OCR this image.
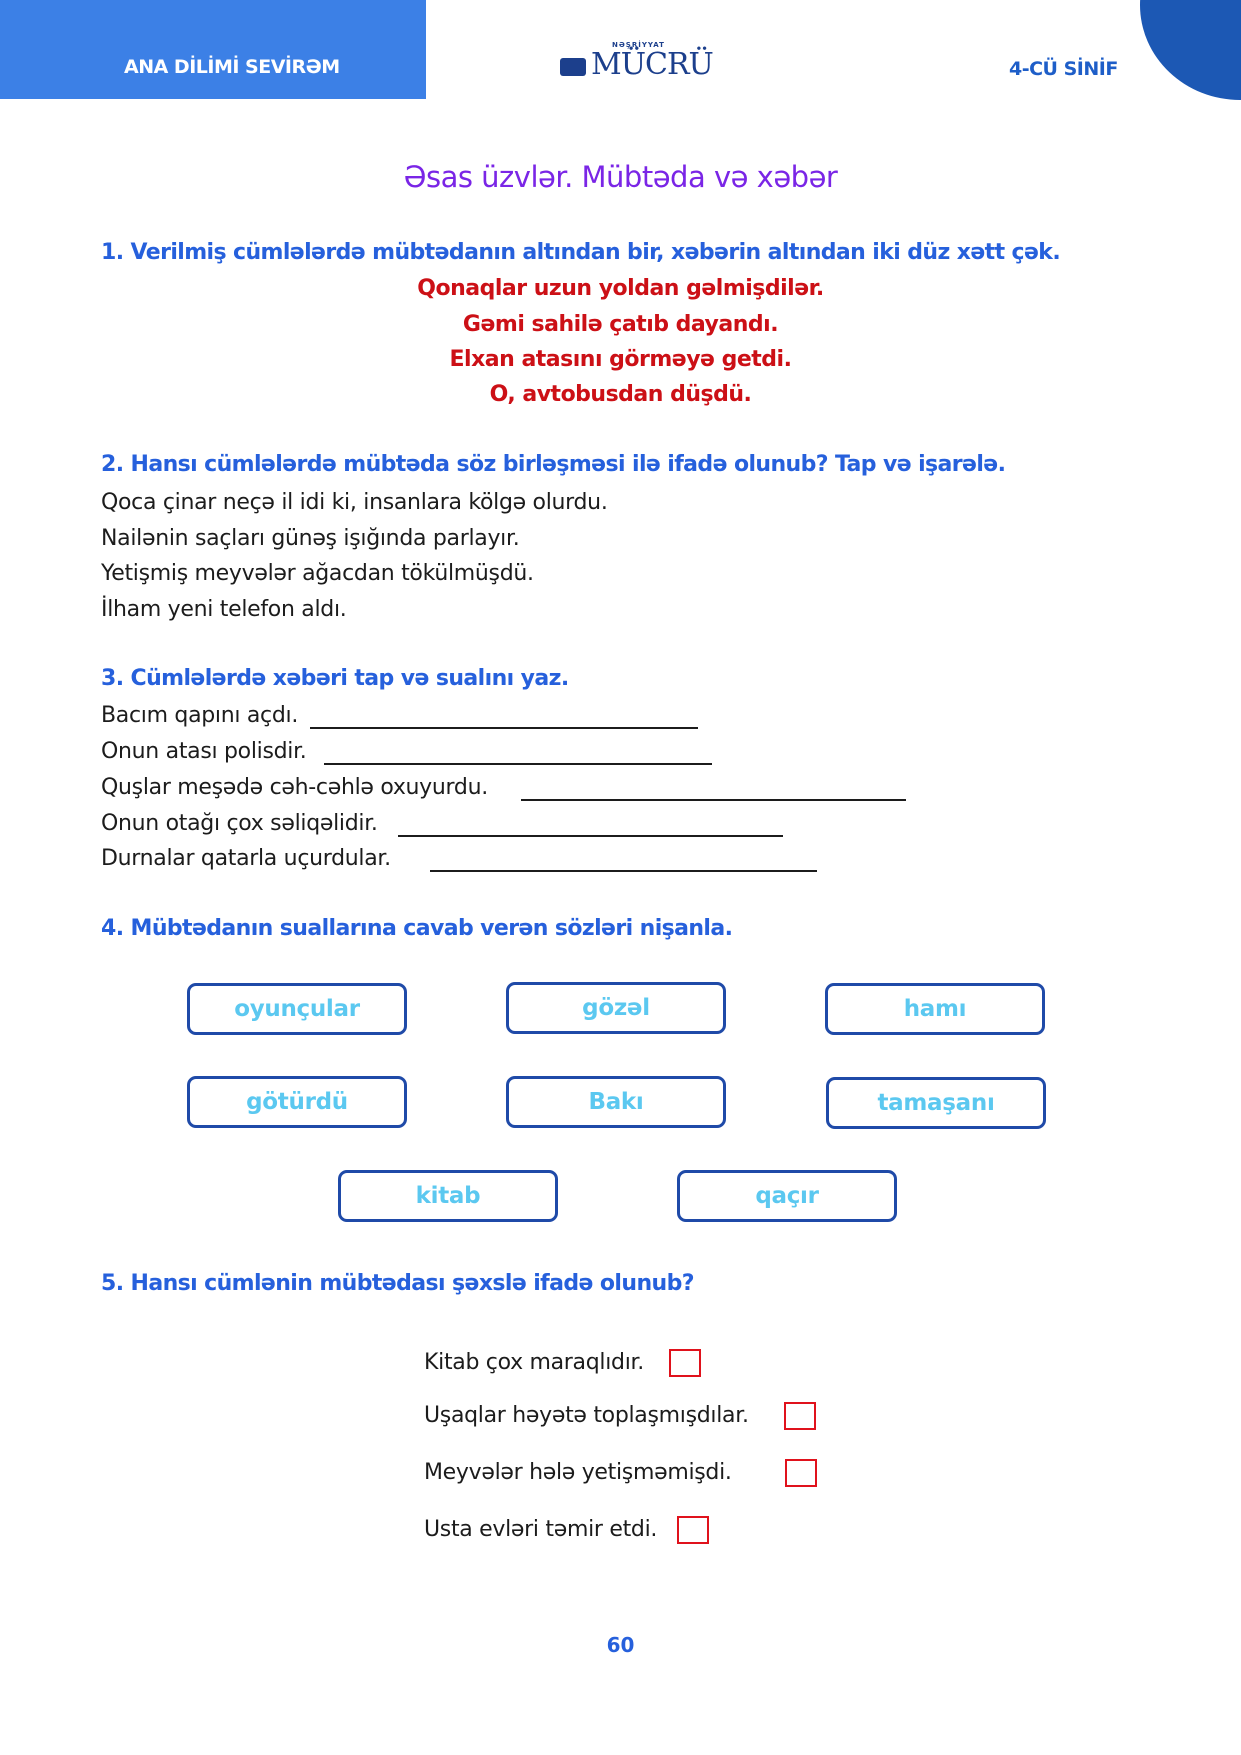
ANA DİLİMİ SEVİRƏM
NƏŞRİYYAT
MÜCRÜ	4-CÜ SİNİF
Əsas üzvlər. Mübtəda və xəbər
1. Verilmiş cümlələrdə mübtədanın altından bir, xəbərin altından iki düz xətt çək.
Qonaqlar uzun yoldan gəlmişdilər.
Gəmi sahilə çatıb dayandı.
Elxan atasını görməyə getdi.
O, avtobusdan düşdü.
2. Hansı cümlələrdə mübtəda söz birləşməsi ilə ifadə olunub? Tap və işarələ.
Qoca çinar neçə il idi ki, insanlara kölgə olurdu.
Nailənin saçları günəş işığında parlayır.
Yetişmiş meyvələr ağacdan tökülmüşdü.
İlham yeni telefon aldı.
3. Cümlələrdə xəbəri tap və sualını yaz.
Bacım qapını açdı.
Onun atası polisdir.
Quşlar meşədə cəh-cəhlə oxuyurdu.
Onun otağı çox səliqəlidir.
Durnalar qatarla uçurdular.
4. Mübtədanın suallarına cavab verən sözləri nişanla.
oyunçular	gözəl	hamı
götürdü	Bakı	tamaşanı
kitab	qaçır
5. Hansı cümlənin mübtədası şəxslə ifadə olunub?
Kitab çox maraqlıdır.
Uşaqlar həyətə toplaşmışdılar.
Meyvələr hələ yetişməmişdi.
Usta evləri təmir etdi.
60
